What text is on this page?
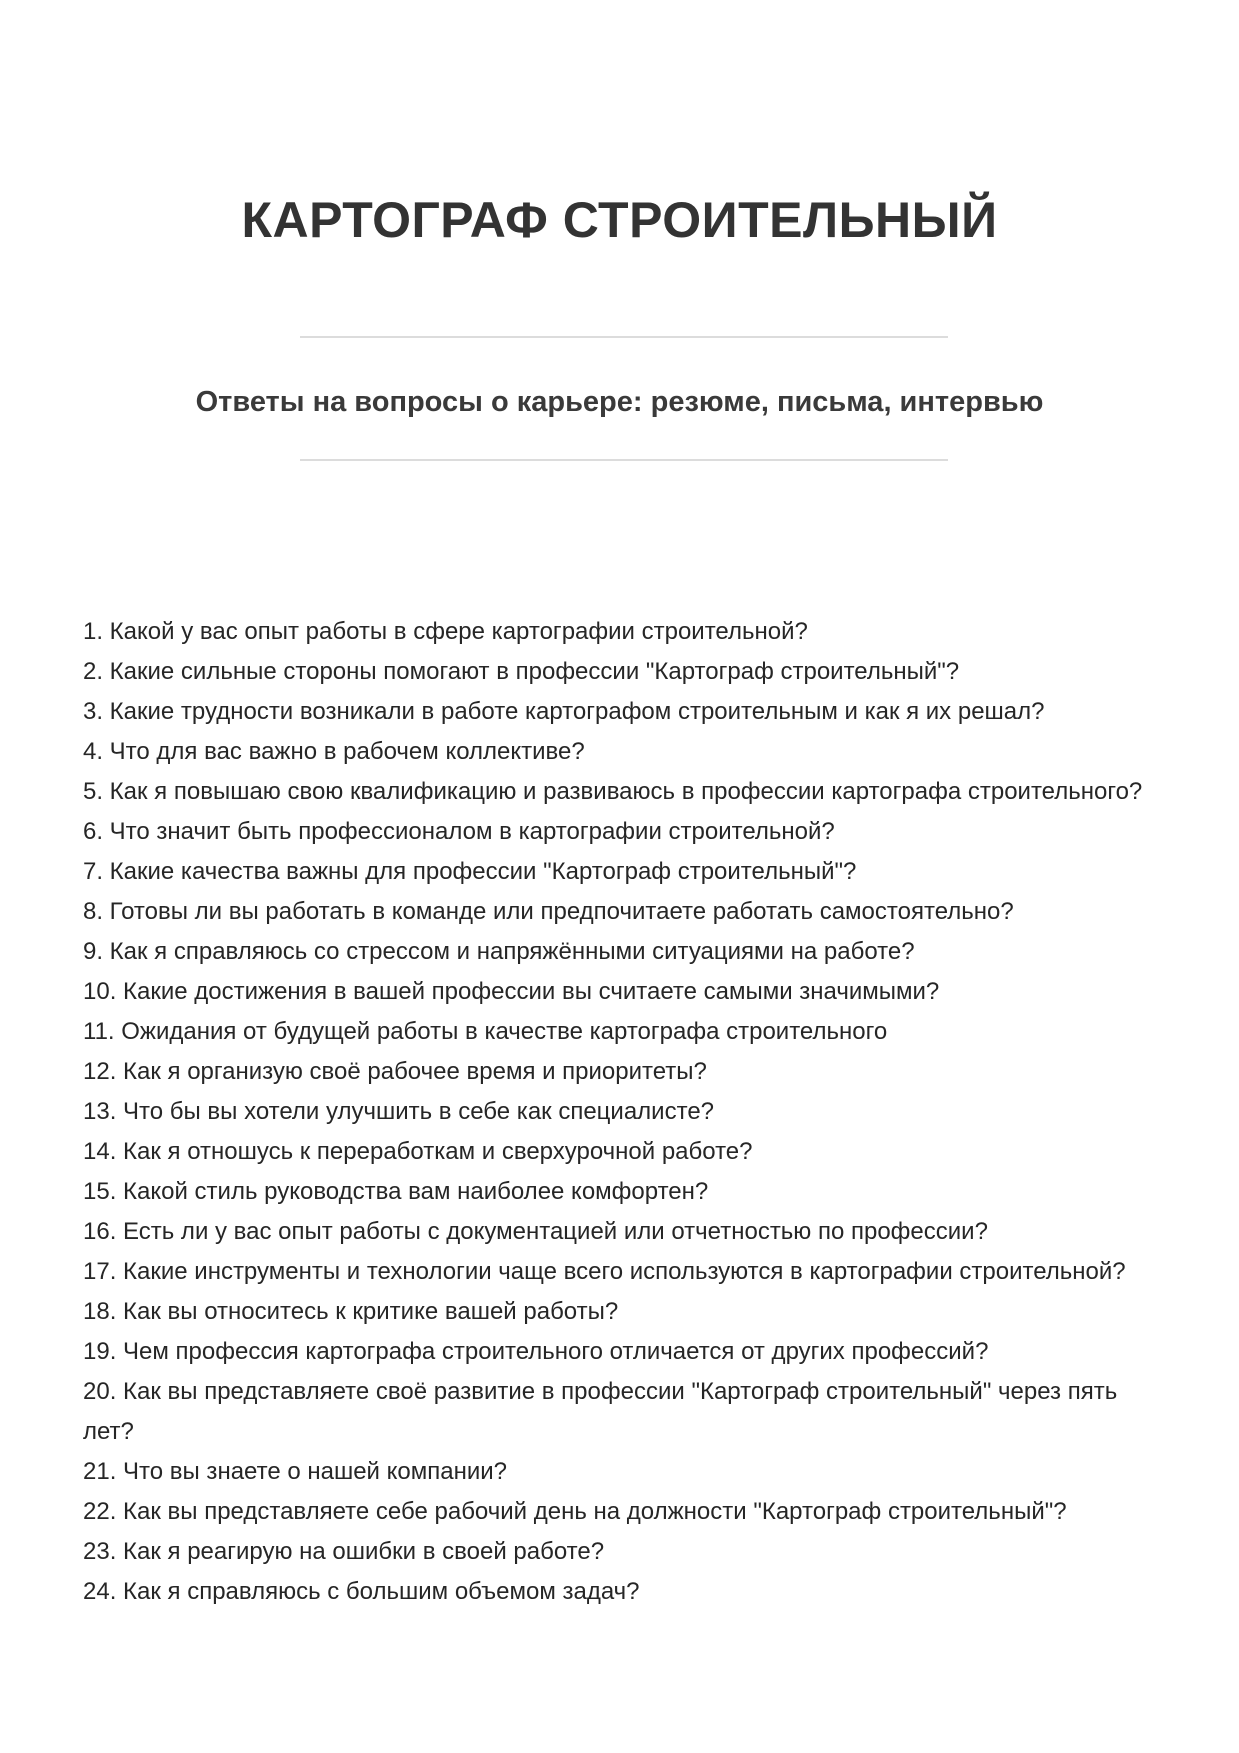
КАРТОГРАФ СТРОИТЕЛЬНЫЙ
Ответы на вопросы о карьере: резюме, письма, интервью
1. Какой у вас опыт работы в сфере картографии строительной?
2. Какие сильные стороны помогают в профессии "Картограф строительный"?
3. Какие трудности возникали в работе картографом строительным и как я их решал?
4. Что для вас важно в рабочем коллективе?
5. Как я повышаю свою квалификацию и развиваюсь в профессии картографа строительного?
6. Что значит быть профессионалом в картографии строительной?
7. Какие качества важны для профессии "Картограф строительный"?
8. Готовы ли вы работать в команде или предпочитаете работать самостоятельно?
9. Как я справляюсь со стрессом и напряжёнными ситуациями на работе?
10. Какие достижения в вашей профессии вы считаете самыми значимыми?
11. Ожидания от будущей работы в качестве картографа строительного
12. Как я организую своё рабочее время и приоритеты?
13. Что бы вы хотели улучшить в себе как специалисте?
14. Как я отношусь к переработкам и сверхурочной работе?
15. Какой стиль руководства вам наиболее комфортен?
16. Есть ли у вас опыт работы с документацией или отчетностью по профессии?
17. Какие инструменты и технологии чаще всего используются в картографии строительной?
18. Как вы относитесь к критике вашей работы?
19. Чем профессия картографа строительного отличается от других профессий?
20. Как вы представляете своё развитие в профессии "Картограф строительный" через пять лет?
21. Что вы знаете о нашей компании?
22. Как вы представляете себе рабочий день на должности "Картограф строительный"?
23. Как я реагирую на ошибки в своей работе?
24. Как я справляюсь с большим объемом задач?
